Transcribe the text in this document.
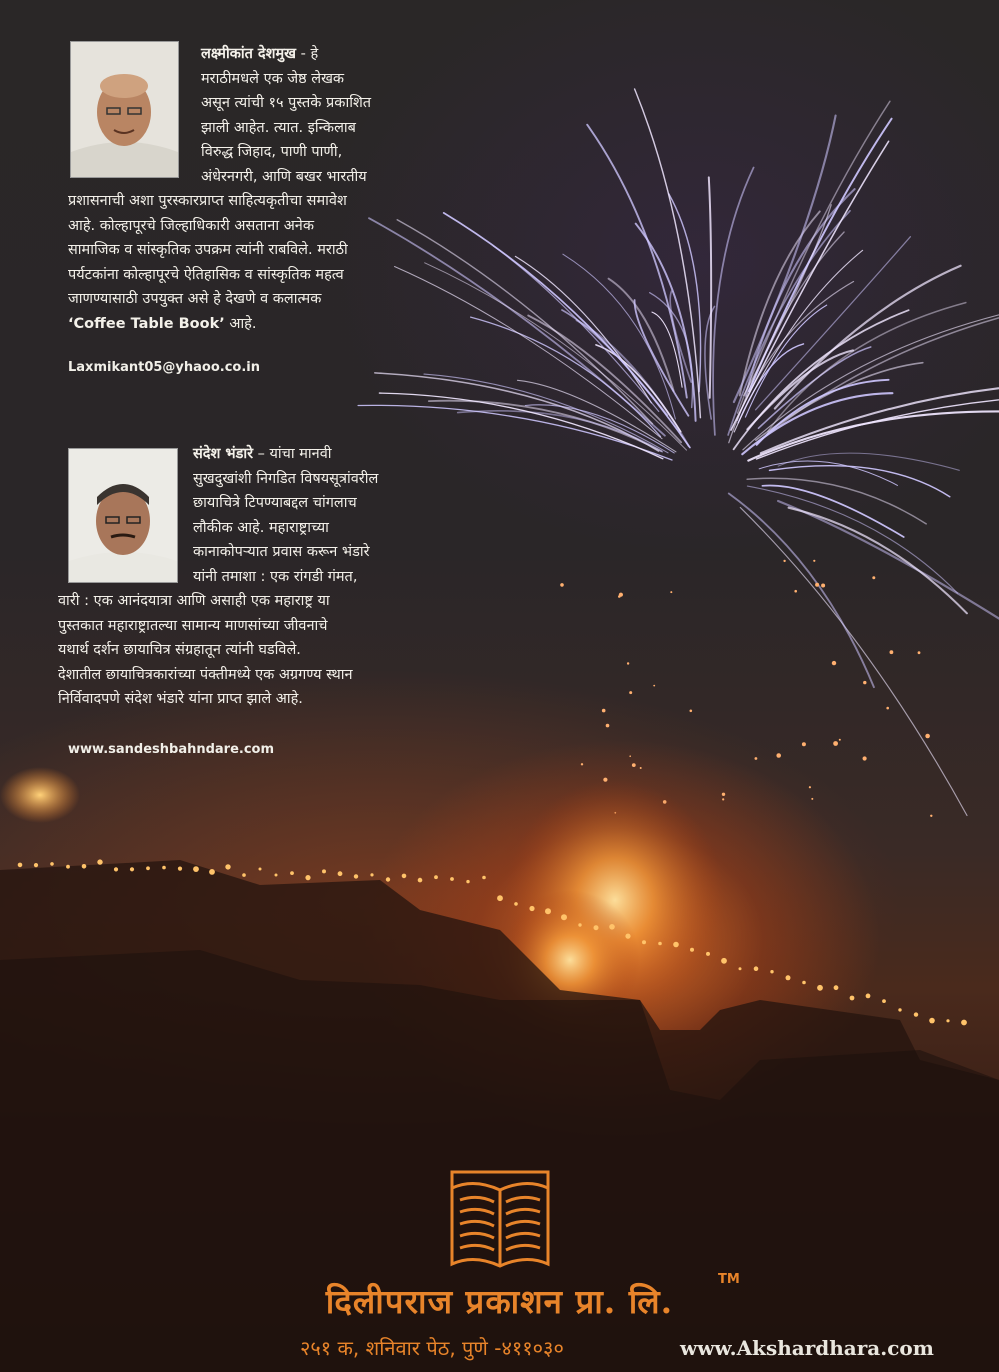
लक्ष्मीकांत देशमुख - हे

मराठीमधले एक जेष्ठ लेखक

असून त्यांची १५ पुस्तके प्रकाशित

झाली आहेत. त्यात. इन्किलाब

विरुद्ध जिहाद, पाणी पाणी,

अंधेरनगरी, आणि बखर भारतीय

प्रशासनाची अशा पुरस्कारप्राप्त साहित्यकृतीचा समावेश

आहे. कोल्हापूरचे जिल्हाधिकारी असताना अनेक

सामाजिक व सांस्कृतिक उपक्रम त्यांनी राबविले. मराठी

पर्यटकांना कोल्हापूरचे ऐतिहासिक व सांस्कृतिक महत्व

जाणण्यासाठी उपयुक्त असे हे देखणे व कलात्मक

‘Coffee Table Book’ आहे.

Laxmikant05@yhaoo.co.in

संदेश भंडारे – यांचा मानवी

सुखदुखांशी निगडित विषयसूत्रांवरील

छायाचित्रे टिपण्याबद्दल चांगलाच

लौकीक आहे. महाराष्ट्राच्या

कानाकोपऱ्यात प्रवास करून भंडारे

यांनी तमाशा : एक रांगडी गंमत,

वारी : एक आनंदयात्रा आणि असाही एक महाराष्ट्र या

पुस्तकात महाराष्ट्रातल्या सामान्य माणसांच्या जीवनाचे

यथार्थ दर्शन छायाचित्र संग्रहातून त्यांनी घडविले.

देशातील छायाचित्रकारांच्या पंक्तीमध्ये एक अग्रगण्य स्थान

निर्विवादपणे संदेश भंडारे यांना प्राप्त झाले आहे.

www.sandeshbahndare.com
दिलीपराज प्रकाशन प्रा. लि.
TM
२५१ क, शनिवार पेठ, पुणे -४११०३०	www.Akshardhara.com
